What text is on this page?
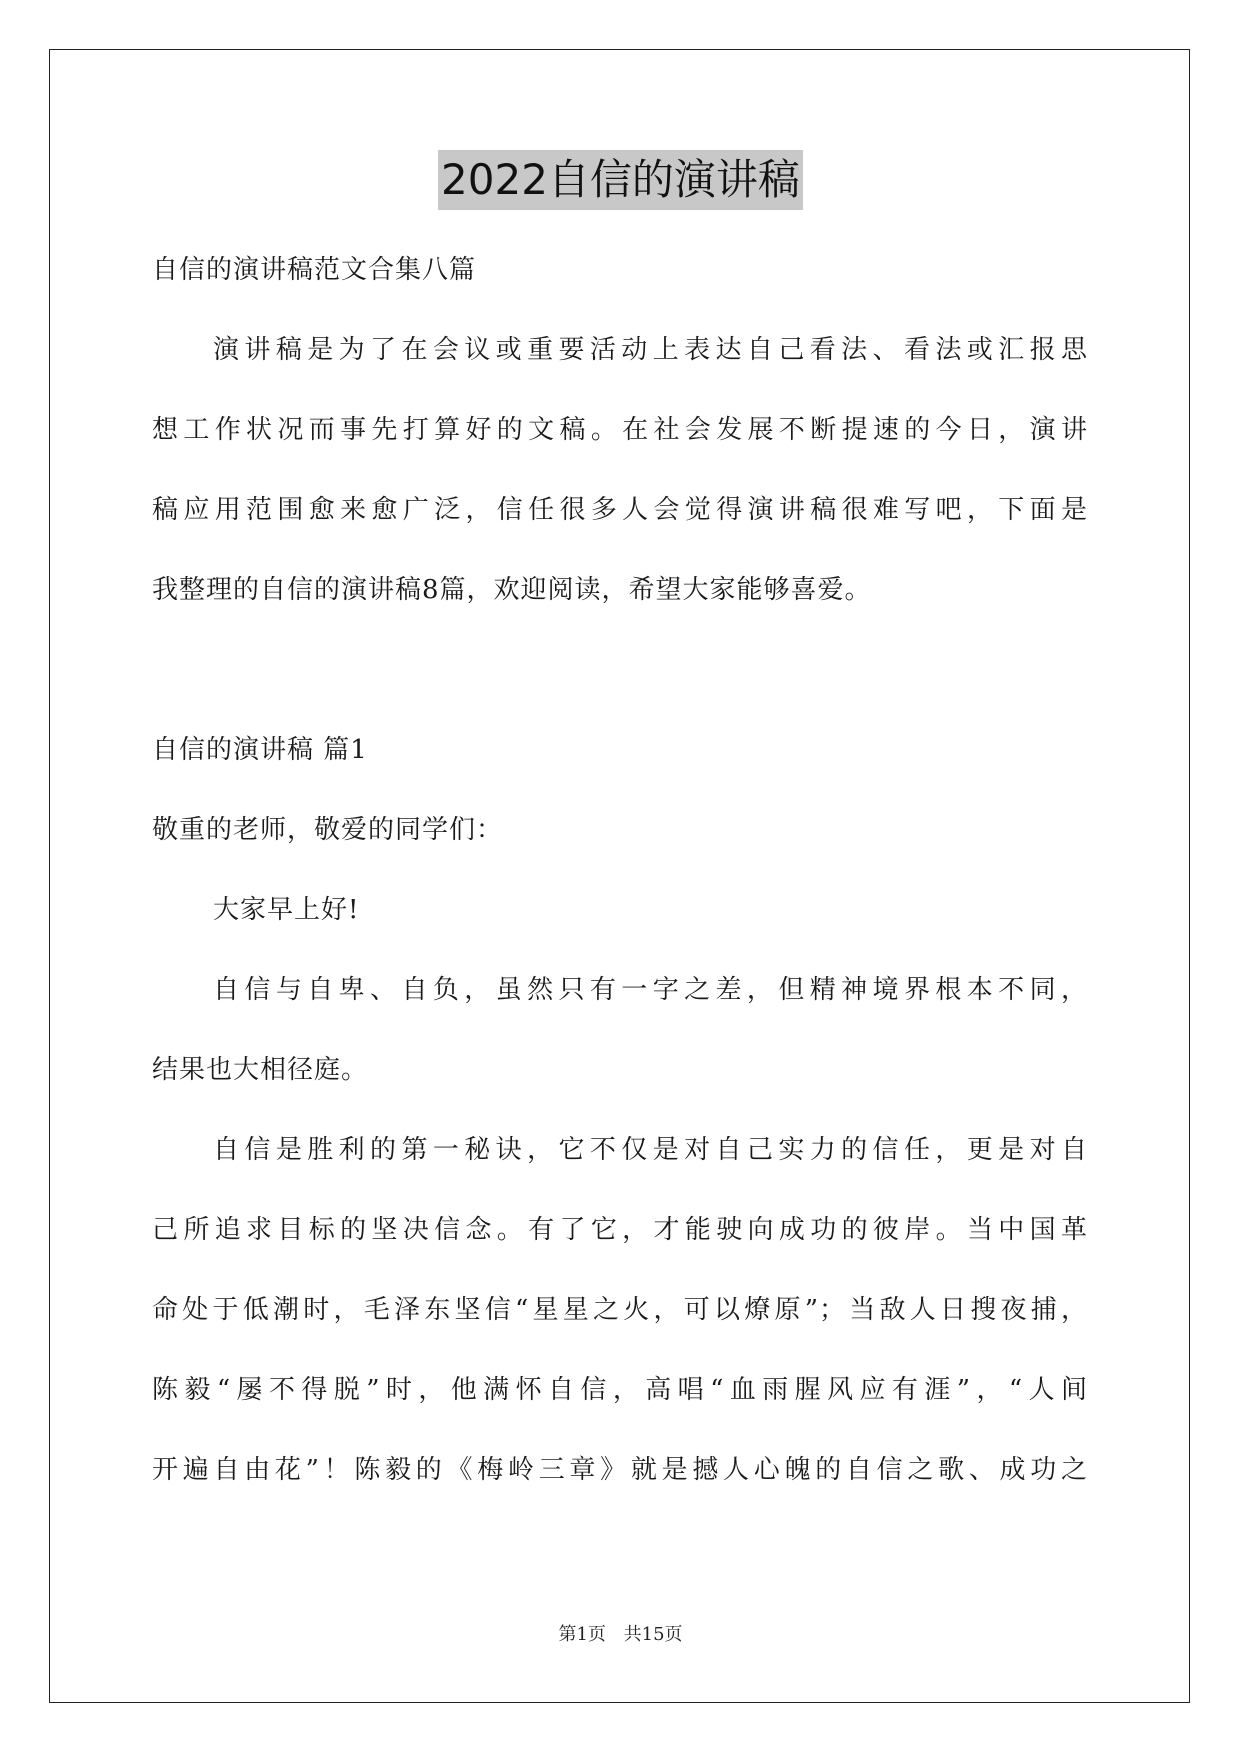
2022自信的演讲稿
自信的演讲稿范文合集八篇
演讲稿是为了在会议或重要活动上表达自己看法、看法或汇报思
想工作状况而事先打算好的文稿。在社会发展不断提速的今日，演讲
稿应用范围愈来愈广泛，信任很多人会觉得演讲稿很难写吧，下面是
我整理的自信的演讲稿8篇，欢迎阅读，希望大家能够喜爱。
自信的演讲稿 篇1
敬重的老师，敬爱的同学们：
大家早上好!
自信与自卑、自负，虽然只有一字之差，但精神境界根本不同，
结果也大相径庭。
自信是胜利的第一秘诀，它不仅是对自己实力的信任，更是对自
己所追求目标的坚决信念。有了它，才能驶向成功的彼岸。当中国革
命处于低潮时，毛泽东坚信“星星之火，可以燎原”；当敌人日搜夜捕，
陈毅“屡不得脱”时，他满怀自信，高唱“血雨腥风应有涯”，“人间
开遍自由花”！陈毅的《梅岭三章》就是撼人心魄的自信之歌、成功之
第1页 共15页
